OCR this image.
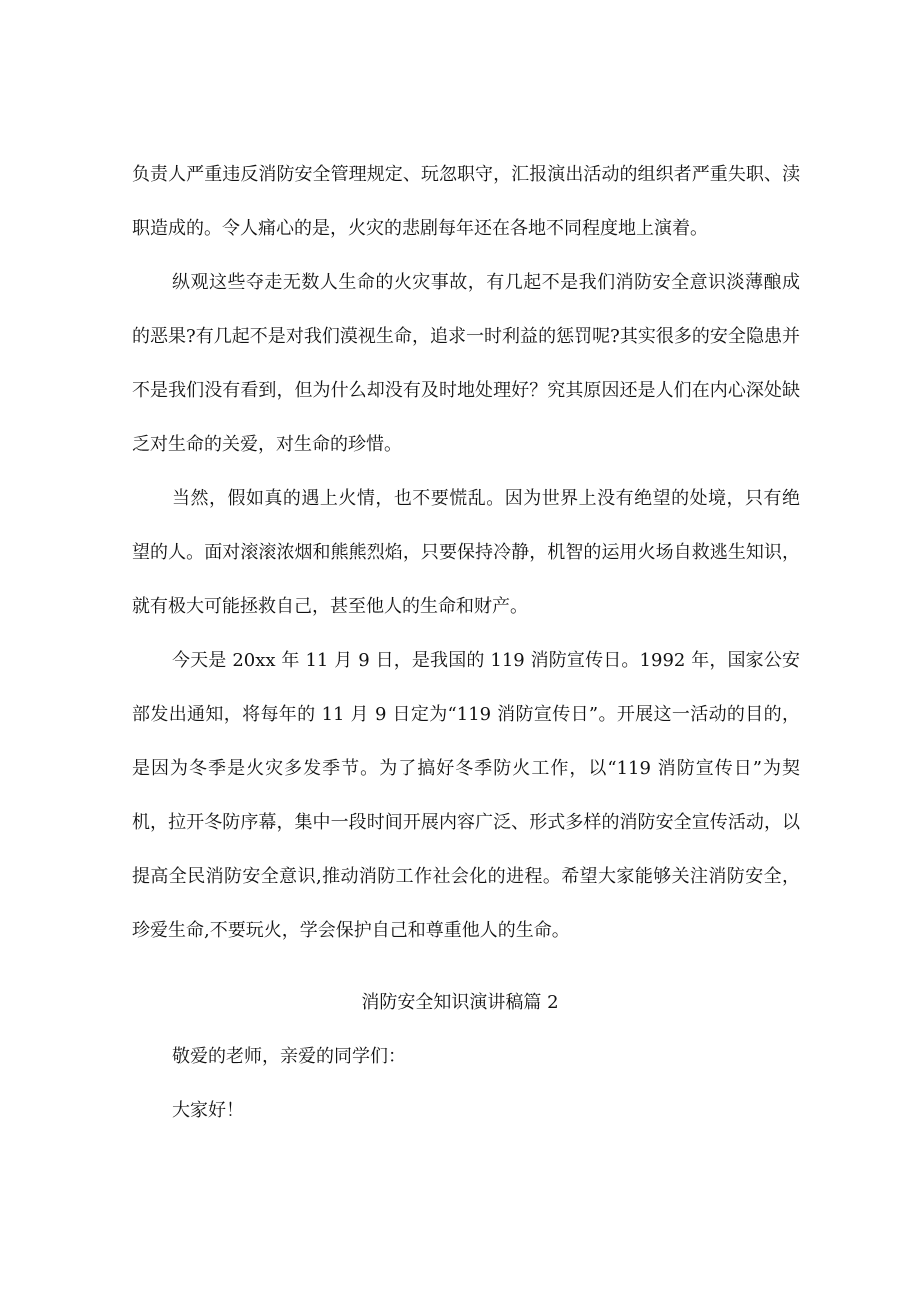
负责人严重违反消防安全管理规定、玩忽职守，汇报演出活动的组织者严重失职、渎职造成的。令人痛心的是，火灾的悲剧每年还在各地不同程度地上演着。
纵观这些夺走无数人生命的火灾事故，有几起不是我们消防安全意识淡薄酿成的恶果?有几起不是对我们漠视生命，追求一时利益的惩罚呢?其实很多的安全隐患并不是我们没有看到，但为什么却没有及时地处理好？究其原因还是人们在内心深处缺乏对生命的关爱，对生命的珍惜。
当然，假如真的遇上火情，也不要慌乱。因为世界上没有绝望的处境，只有绝望的人。面对滚滚浓烟和熊熊烈焰，只要保持冷静，机智的运用火场自救逃生知识，就有极大可能拯救自己，甚至他人的生命和财产。
今天是 20xx 年 11 月 9 日，是我国的 119 消防宣传日。1992 年，国家公安部发出通知，将每年的 11 月 9 日定为“119 消防宣传日”。开展这一活动的目的，是因为冬季是火灾多发季节。为了搞好冬季防火工作，以“119 消防宣传日”为契机，拉开冬防序幕，集中一段时间开展内容广泛、形式多样的消防安全宣传活动，以提高全民消防安全意识,推动消防工作社会化的进程。希望大家能够关注消防安全，珍爱生命,不要玩火，学会保护自己和尊重他人的生命。
消防安全知识演讲稿篇 2
敬爱的老师，亲爱的同学们：
大家好！
